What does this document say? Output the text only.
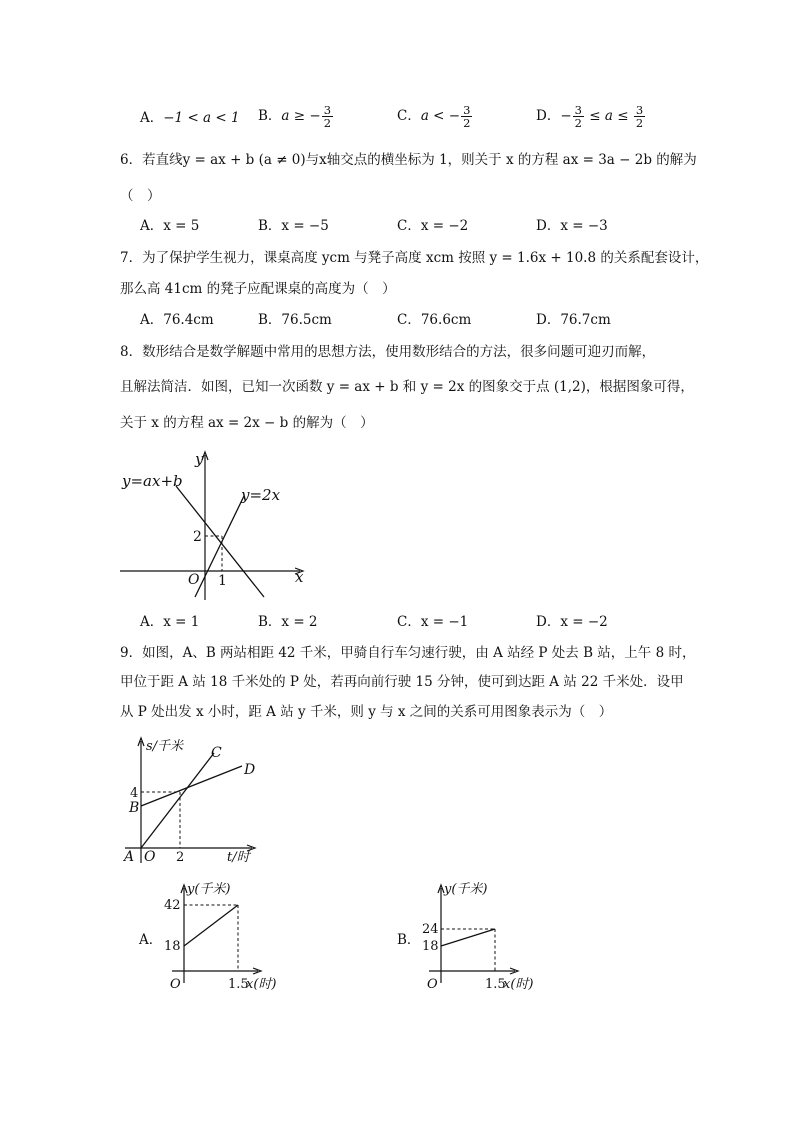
A．−1 < a < 1 B．a ≥ − $\frac{3}{2}$	C．a < − $\frac{3}{2}$	D．− $\frac{3}{2} \le a \le \frac{3}{2}$
6．若直线y = ax + b (a ≠ 0)与x轴交点的横坐标为 1，则关于 x 的方程 ax = 3a − 2b 的解为
（　）
A．x = 5	B．x = −5	C．x = −2	D．x = −3
7．为了保护学生视力，课桌高度 ycm 与凳子高度 xcm 按照 y = 1.6x + 10.8 的关系配套设计，
那么高 41cm 的凳子应配课桌的高度为（　）
A．76.4cm	B．76.5cm	C．76.6cm	D．76.7cm
8．数形结合是数学解题中常用的思想方法，使用数形结合的方法，很多问题可迎刃而解，
且解法简洁．如图，已知一次函数 y = ax + b 和 y = 2x 的图象交于点 (1,2)，根据图象可得，
关于 x 的方程 ax = 2x − b 的解为（　）
y=ax+b
y=2x
y
x
O 1
2
A．x = 1	B．x = 2	C．x = −1	D．x = −2
9．如图，A、B 两站相距 42 千米，甲骑自行车匀速行驶，由 A 站经 P 处去 B 站，上午 8 时，
甲位于距 A 站 18 千米处的 P 处，若再向前行驶 15 分钟，使可到达距 A 站 22 千米处．设甲
从 P 处出发 x 小时，距 A 站 y 千米，则 y 与 x 之间的关系可用图象表示为（　）
s/千米
t/时
C
D
B
A O
4
2
A．
y(千米)
x(时)
O
42
18
1.5
B．
y(千米)
x(时)
O
24
18
1.5
